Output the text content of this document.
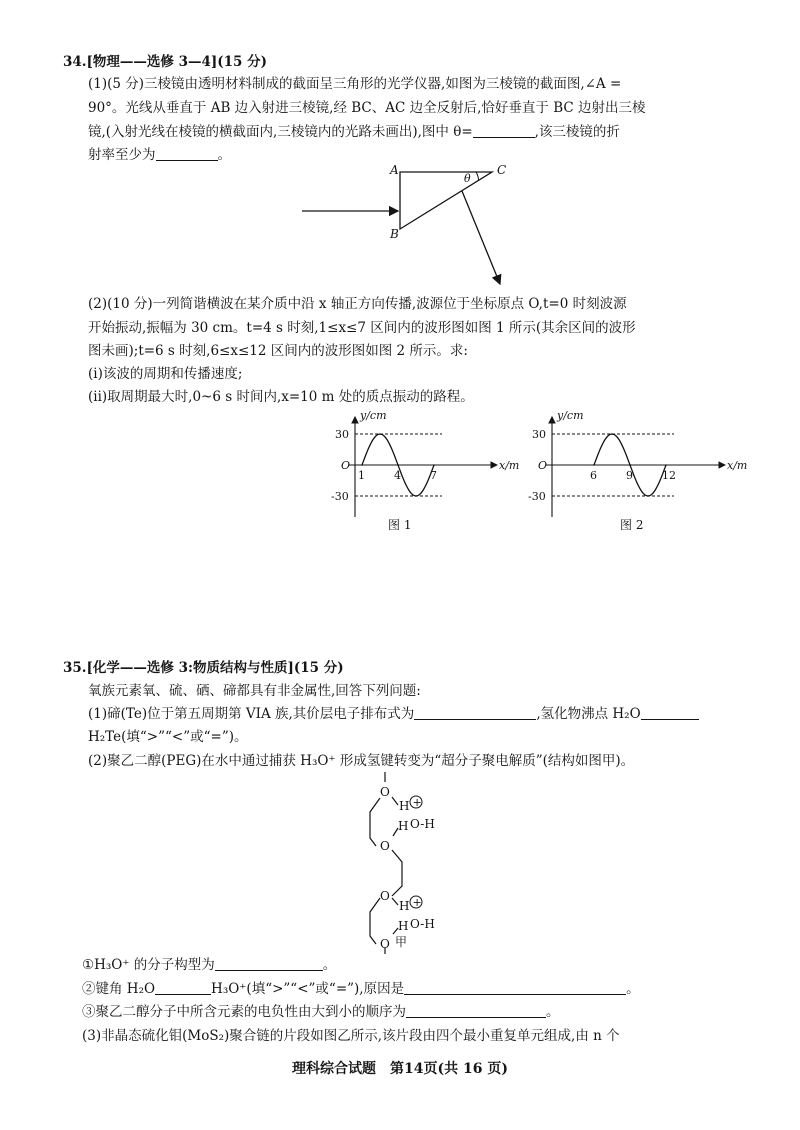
34.[物理——选修 3—4](15 分)
(1)(5 分)三棱镜由透明材料制成的截面呈三角形的光学仪器,如图为三棱镜的截面图,∠A =
90°。光线从垂直于 AB 边入射进三棱镜,经 BC、AC 边全反射后,恰好垂直于 BC 边射出三棱
镜,(入射光线在棱镜的横截面内,三棱镜内的光路未画出),图中 θ=	,该三棱镜的折
射率至少为	。
A
B
C
θ
(2)(10 分)一列简谐横波在某介质中沿 x 轴正方向传播,波源位于坐标原点 O,t=0 时刻波源
开始振动,振幅为 30 cm。t=4 s 时刻,1≤x≤7 区间内的波形图如图 1 所示(其余区间的波形
图未画);t=6 s 时刻,6≤x≤12 区间内的波形图如图 2 所示。求:
(i)该波的周期和传播速度;
(ii)取周期最大时,0~6 s 时间内,x=10 m 处的质点振动的路程。
y/cm
x/m
O
30
-30
1	4	7
图 1
y/cm
x/m
O
30
-30
6	9	12
图 2
35.[化学——选修 3:物质结构与性质](15 分)
氧族元素氧、硫、硒、碲都具有非金属性,回答下列问题:
(1)碲(Te)位于第五周期第 VIA 族,其价层电子排布式为	,氢化物沸点 H₂O
H₂Te(填“>”“<”或“=”)。
(2)聚乙二醇(PEG)在水中通过捕获 H₃O⁺ 形成氢键转变为“超分子聚电解质”(结构如图甲)。
O
H +
O-H
H
O
O
H +
O-H
H
O 甲
①H₃O⁺ 的分子构型为	。
②键角 H₂O	H₃O⁺(填“>”“<”或“=”),原因是	。
③聚乙二醇分子中所含元素的电负性由大到小的顺序为	。
(3)非晶态硫化钼(MoS₂)聚合链的片段如图乙所示,该片段由四个最小重复单元组成,由 n 个
理科综合试题　第14页(共 16 页)
